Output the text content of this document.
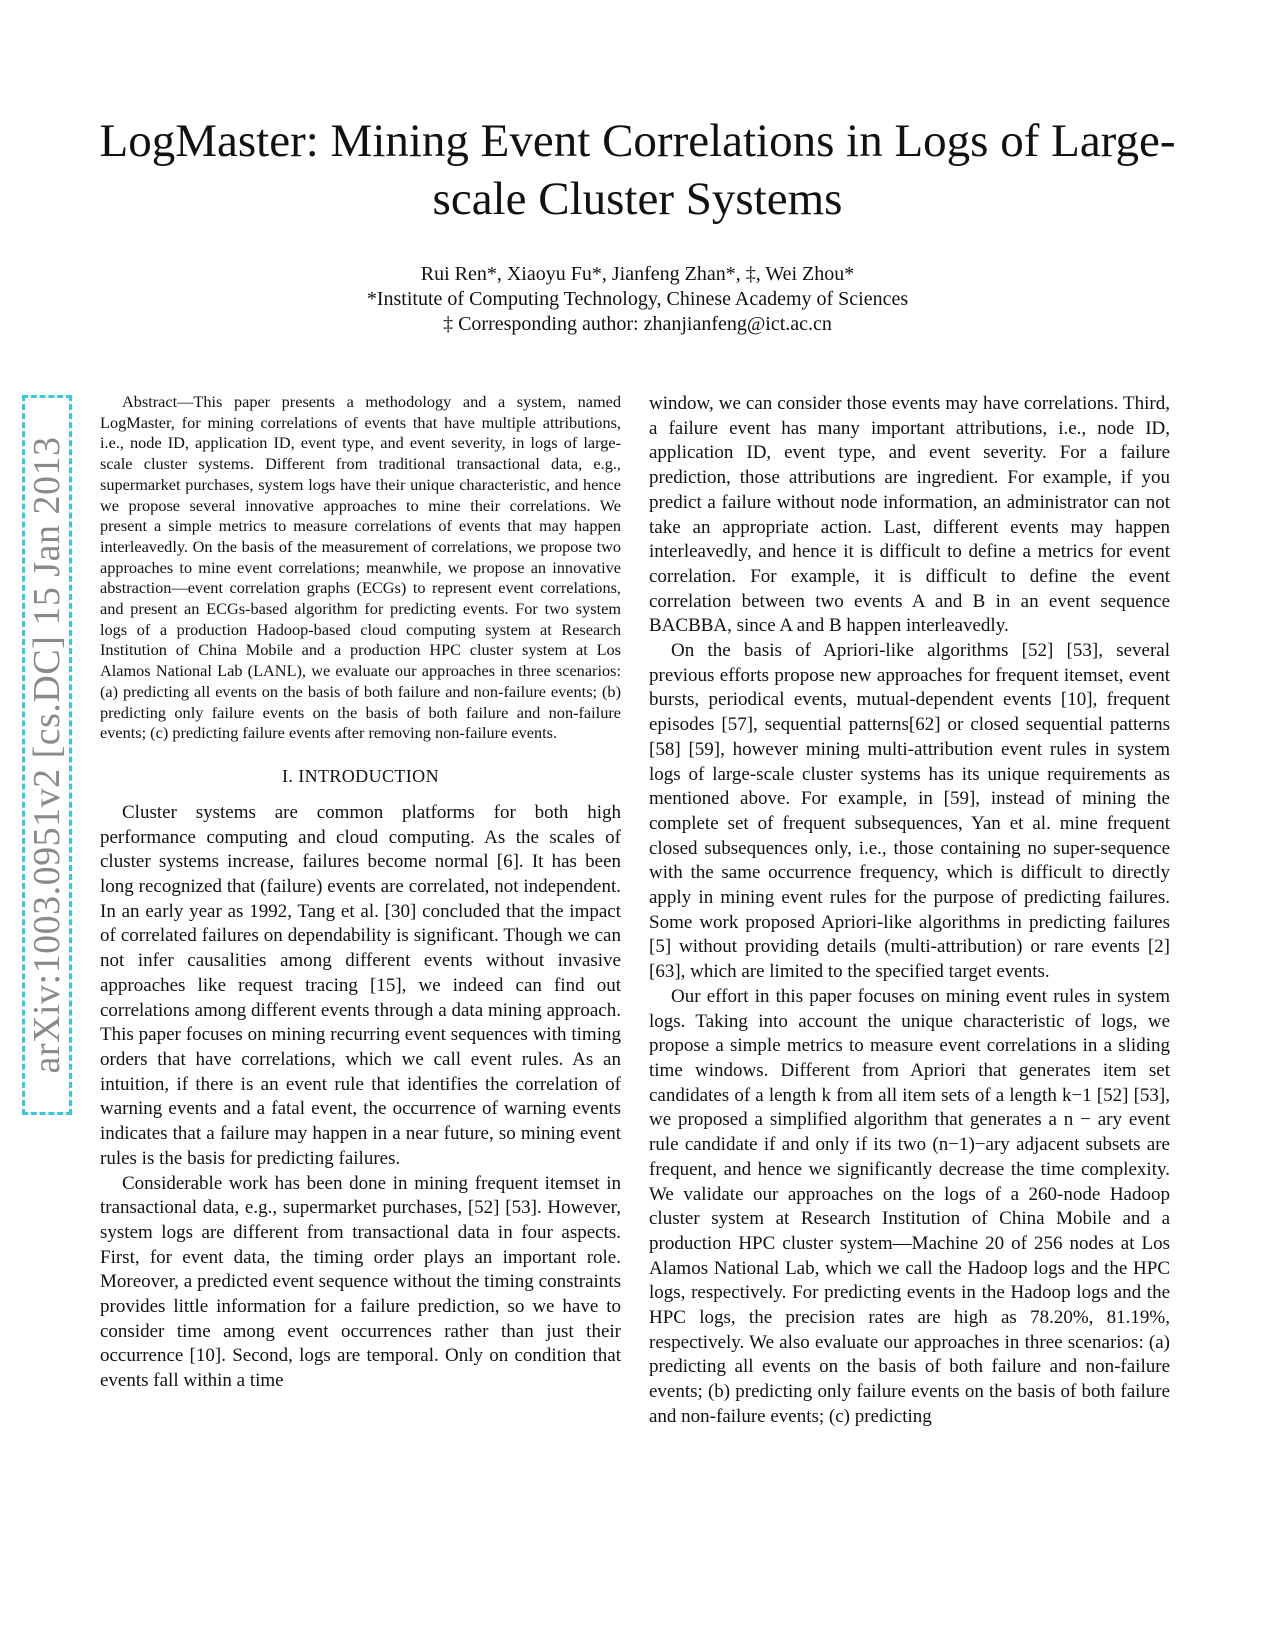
LogMaster: Mining Event Correlations in Logs of Large-scale Cluster Systems
Rui Ren*, Xiaoyu Fu*, Jianfeng Zhan*, ‡, Wei Zhou*
*Institute of Computing Technology, Chinese Academy of Sciences
‡ Corresponding author: zhanjianfeng@ict.ac.cn
arXiv:1003.0951v2 [cs.DC] 15 Jan 2013

Abstract—This paper presents a methodology and a system, named LogMaster, for mining correlations of events that have multiple attributions, i.e., node ID, application ID, event type, and event severity, in logs of large-scale cluster systems. Different from traditional transactional data, e.g., supermarket purchases, system logs have their unique characteristic, and hence we propose several innovative approaches to mine their correlations. We present a simple metrics to measure correlations of events that may happen interleavedly. On the basis of the measurement of correlations, we propose two approaches to mine event correlations; meanwhile, we propose an innovative abstraction—event correlation graphs (ECGs) to represent event correlations, and present an ECGs-based algorithm for predicting events. For two system logs of a production Hadoop-based cloud computing system at Research Institution of China Mobile and a production HPC cluster system at Los Alamos National Lab (LANL), we evaluate our approaches in three scenarios: (a) predicting all events on the basis of both failure and non-failure events; (b) predicting only failure events on the basis of both failure and non-failure events; (c) predicting failure events after removing non-failure events.

I. INTRODUCTION

Cluster systems are common platforms for both high performance computing and cloud computing. As the scales of cluster systems increase, failures become normal [6]. It has been long recognized that (failure) events are correlated, not independent. In an early year as 1992, Tang et al. [30] concluded that the impact of correlated failures on dependability is significant. Though we can not infer causalities among different events without invasive approaches like request tracing [15], we indeed can find out correlations among different events through a data mining approach. This paper focuses on mining recurring event sequences with timing orders that have correlations, which we call event rules. As an intuition, if there is an event rule that identifies the correlation of warning events and a fatal event, the occurrence of warning events indicates that a failure may happen in a near future, so mining event rules is the basis for predicting failures.

Considerable work has been done in mining frequent itemset in transactional data, e.g., supermarket purchases, [52] [53]. However, system logs are different from transactional data in four aspects. First, for event data, the timing order plays an important role. Moreover, a predicted event sequence without the timing constraints provides little information for a failure prediction, so we have to consider time among event occurrences rather than just their occurrence [10]. Second, logs are temporal. Only on condition that events fall within a time

window, we can consider those events may have correlations. Third, a failure event has many important attributions, i.e., node ID, application ID, event type, and event severity. For a failure prediction, those attributions are ingredient. For example, if you predict a failure without node information, an administrator can not take an appropriate action. Last, different events may happen interleavedly, and hence it is difficult to define a metrics for event correlation. For example, it is difficult to define the event correlation between two events A and B in an event sequence BACBBA, since A and B happen interleavedly.

On the basis of Apriori-like algorithms [52] [53], several previous efforts propose new approaches for frequent itemset, event bursts, periodical events, mutual-dependent events [10], frequent episodes [57], sequential patterns[62] or closed sequential patterns [58] [59], however mining multi-attribution event rules in system logs of large-scale cluster systems has its unique requirements as mentioned above. For example, in [59], instead of mining the complete set of frequent subsequences, Yan et al. mine frequent closed subsequences only, i.e., those containing no super-sequence with the same occurrence frequency, which is difficult to directly apply in mining event rules for the purpose of predicting failures. Some work proposed Apriori-like algorithms in predicting failures [5] without providing details (multi-attribution) or rare events [2] [63], which are limited to the specified target events.

Our effort in this paper focuses on mining event rules in system logs. Taking into account the unique characteristic of logs, we propose a simple metrics to measure event correlations in a sliding time windows. Different from Apriori that generates item set candidates of a length k from all item sets of a length k−1 [52] [53], we proposed a simplified algorithm that generates a n − ary event rule candidate if and only if its two (n−1)−ary adjacent subsets are frequent, and hence we significantly decrease the time complexity. We validate our approaches on the logs of a 260-node Hadoop cluster system at Research Institution of China Mobile and a production HPC cluster system—Machine 20 of 256 nodes at Los Alamos National Lab, which we call the Hadoop logs and the HPC logs, respectively. For predicting events in the Hadoop logs and the HPC logs, the precision rates are high as 78.20%, 81.19%, respectively. We also evaluate our approaches in three scenarios: (a) predicting all events on the basis of both failure and non-failure events; (b) predicting only failure events on the basis of both failure and non-failure events; (c) predicting
